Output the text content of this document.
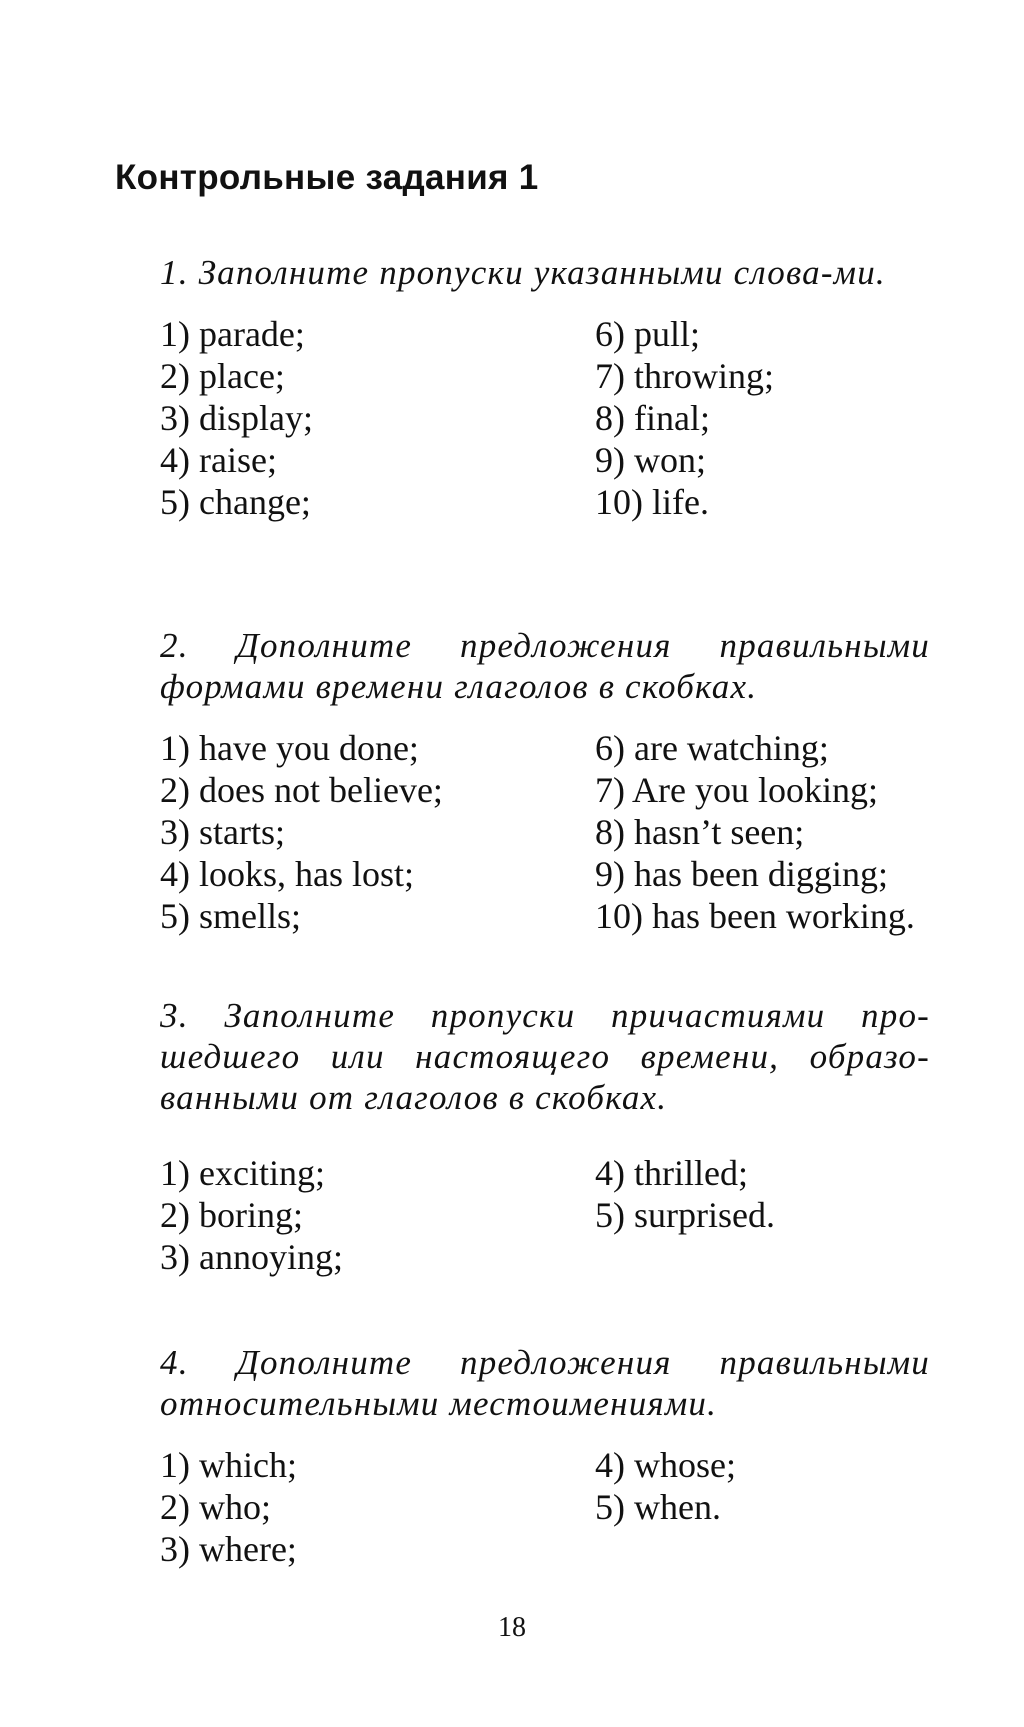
Контрольные задания 1

1. Заполните пропуски указанными слова-ми.

1) parade;
2) place;
3) display;
4) raise;
5) change;
6) pull;
7) throwing;
8) final;
9) won;
10) life.

2. Дополните предложения правильными формами времени глаголов в скобках.

1) have you done;
2) does not believe;
3) starts;
4) looks, has lost;
5) smells;
6) are watching;
7) Are you looking;
8) hasn’t seen;
9) has been digging;
10) has been working.

3. Заполните пропуски причастиями про-шедшего или настоящего времени, образо-ванными от глаголов в скобках.

1) exciting;
2) boring;
3) annoying;
4) thrilled;
5) surprised.

4. Дополните предложения правильными относительными местоимениями.

1) which;
2) who;
3) where;
4) whose;
5) when.
18
